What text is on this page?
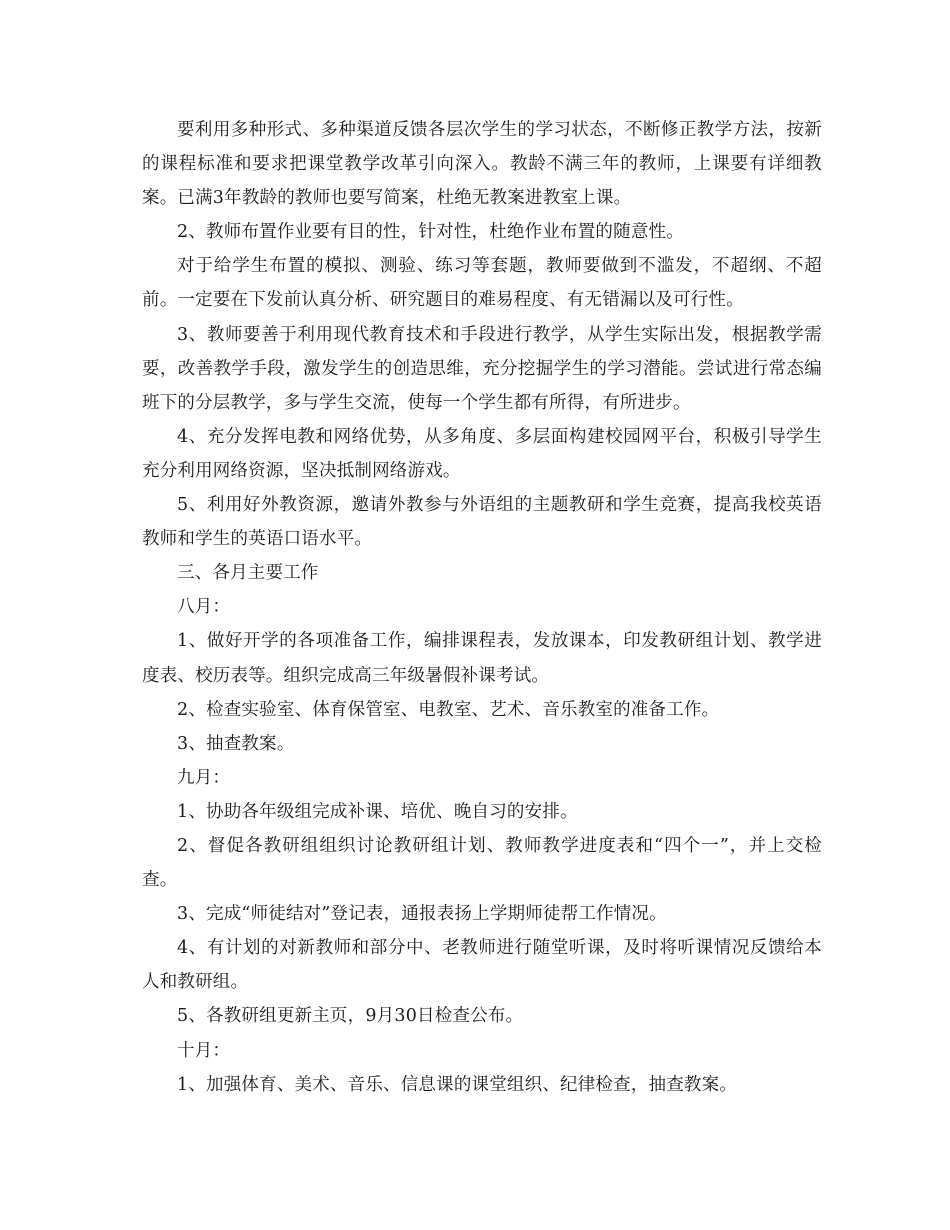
要利用多种形式、多种渠道反馈各层次学生的学习状态，不断修正教学方法，按新的课程标准和要求把课堂教学改革引向深入。教龄不满三年的教师，上课要有详细教案。已满3年教龄的教师也要写简案，杜绝无教案进教室上课。

2、教师布置作业要有目的性，针对性，杜绝作业布置的随意性。

对于给学生布置的模拟、测验、练习等套题，教师要做到不滥发，不超纲、不超前。一定要在下发前认真分析、研究题目的难易程度、有无错漏以及可行性。

3、教师要善于利用现代教育技术和手段进行教学，从学生实际出发，根据教学需要，改善教学手段，激发学生的创造思维，充分挖掘学生的学习潜能。尝试进行常态编班下的分层教学，多与学生交流，使每一个学生都有所得，有所进步。

4、充分发挥电教和网络优势，从多角度、多层面构建校园网平台，积极引导学生充分利用网络资源，坚决抵制网络游戏。

5、利用好外教资源，邀请外教参与外语组的主题教研和学生竞赛，提高我校英语教师和学生的英语口语水平。

三、各月主要工作

八月：

1、做好开学的各项准备工作，编排课程表，发放课本，印发教研组计划、教学进度表、校历表等。组织完成高三年级暑假补课考试。

2、检查实验室、体育保管室、电教室、艺术、音乐教室的准备工作。

3、抽查教案。

九月：

1、协助各年级组完成补课、培优、晚自习的安排。

2、督促各教研组组织讨论教研组计划、教师教学进度表和“四个一”，并上交检查。

3、完成“师徒结对”登记表，通报表扬上学期师徒帮工作情况。

4、有计划的对新教师和部分中、老教师进行随堂听课，及时将听课情况反馈给本人和教研组。

5、各教研组更新主页，9月30日检查公布。

十月：

1、加强体育、美术、音乐、信息课的课堂组织、纪律检查，抽查教案。
